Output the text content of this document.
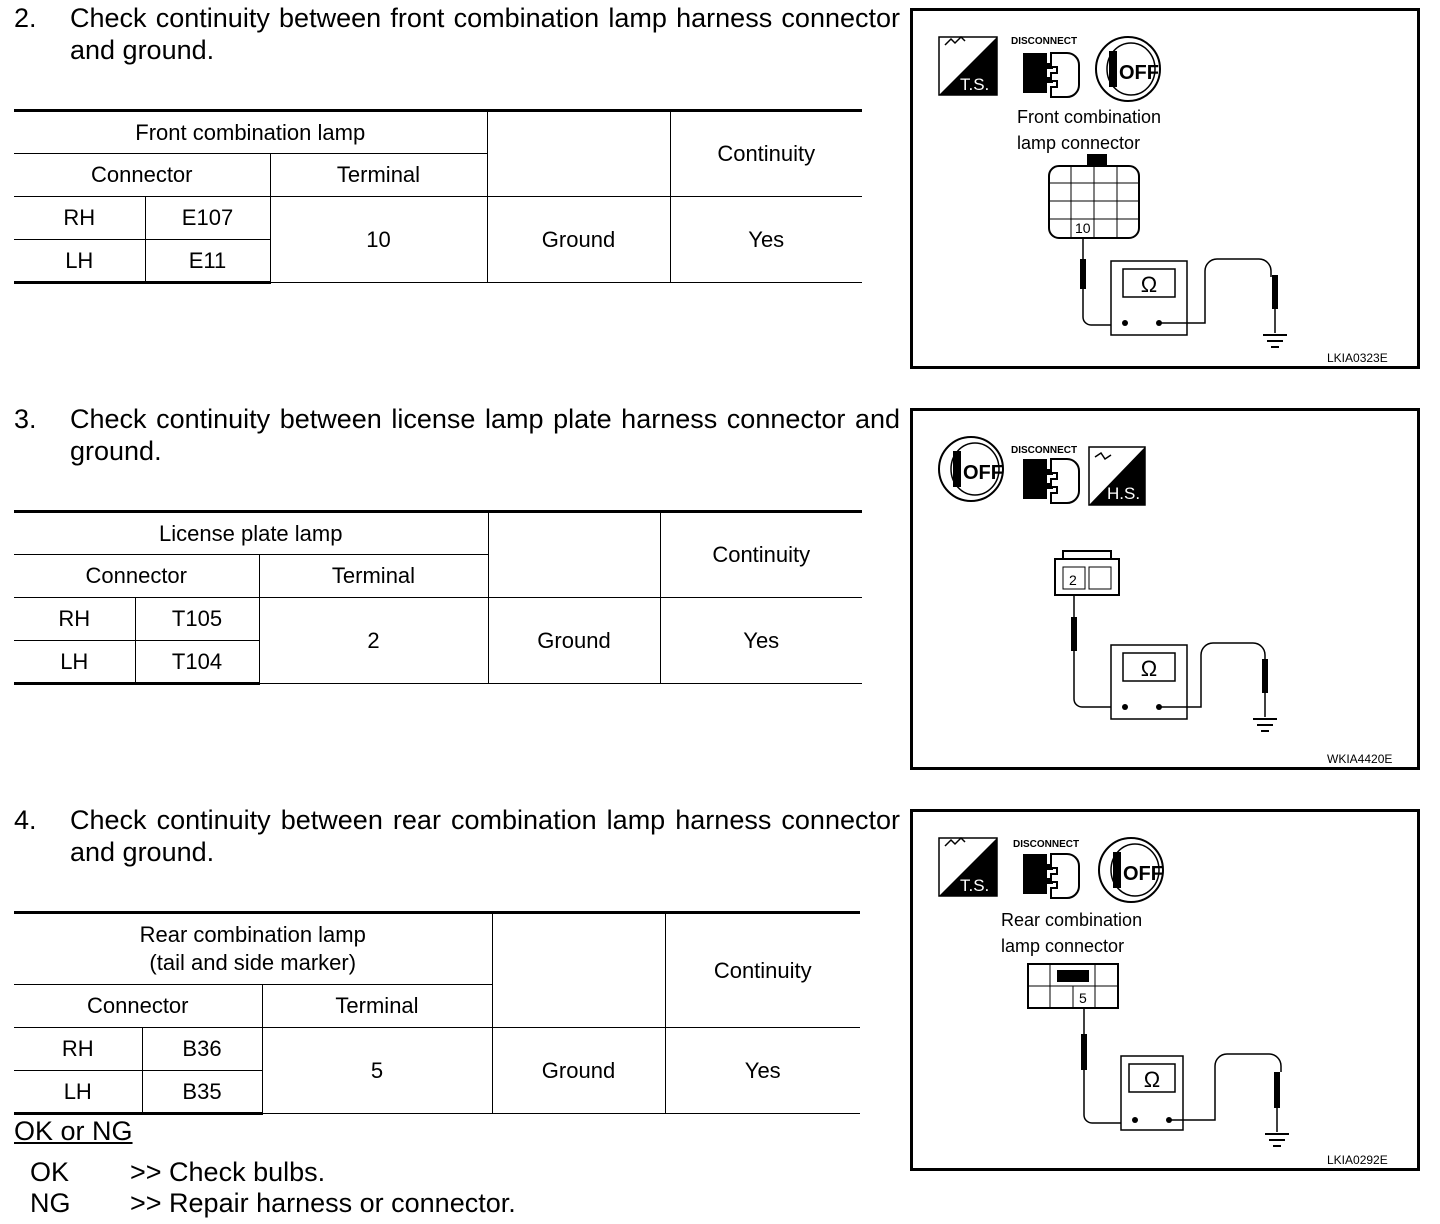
2. Check continuity between front combination lamp harness connector and ground.
Front combination lamp				Continuity
Connector		Terminal		
RH	E107	10	Ground	Yes
LH	E11			
T.S.
DISCONNECT
OFF
Front combination
lamp connector
10
Ω
LKIA0323E
3. Check continuity between license lamp plate harness connector and ground.
License plate lamp				Continuity
Connector		Terminal		
RH	T105	2	Ground	Yes
LH	T104			
OFF
DISCONNECT
H.S.
2
Ω
WKIA4420E
4. Check continuity between rear combination lamp harness connector and ground.
Rear combination lamp
(tail and side marker)				Continuity
Connector		Terminal		
RH	B36	5	Ground	Yes
LH	B35			
T.S.
DISCONNECT
OFF
Rear combination
lamp connector
5
Ω
LKIA0292E
OK or NG
OK >> Check bulbs.
NG >> Repair harness or connector.
